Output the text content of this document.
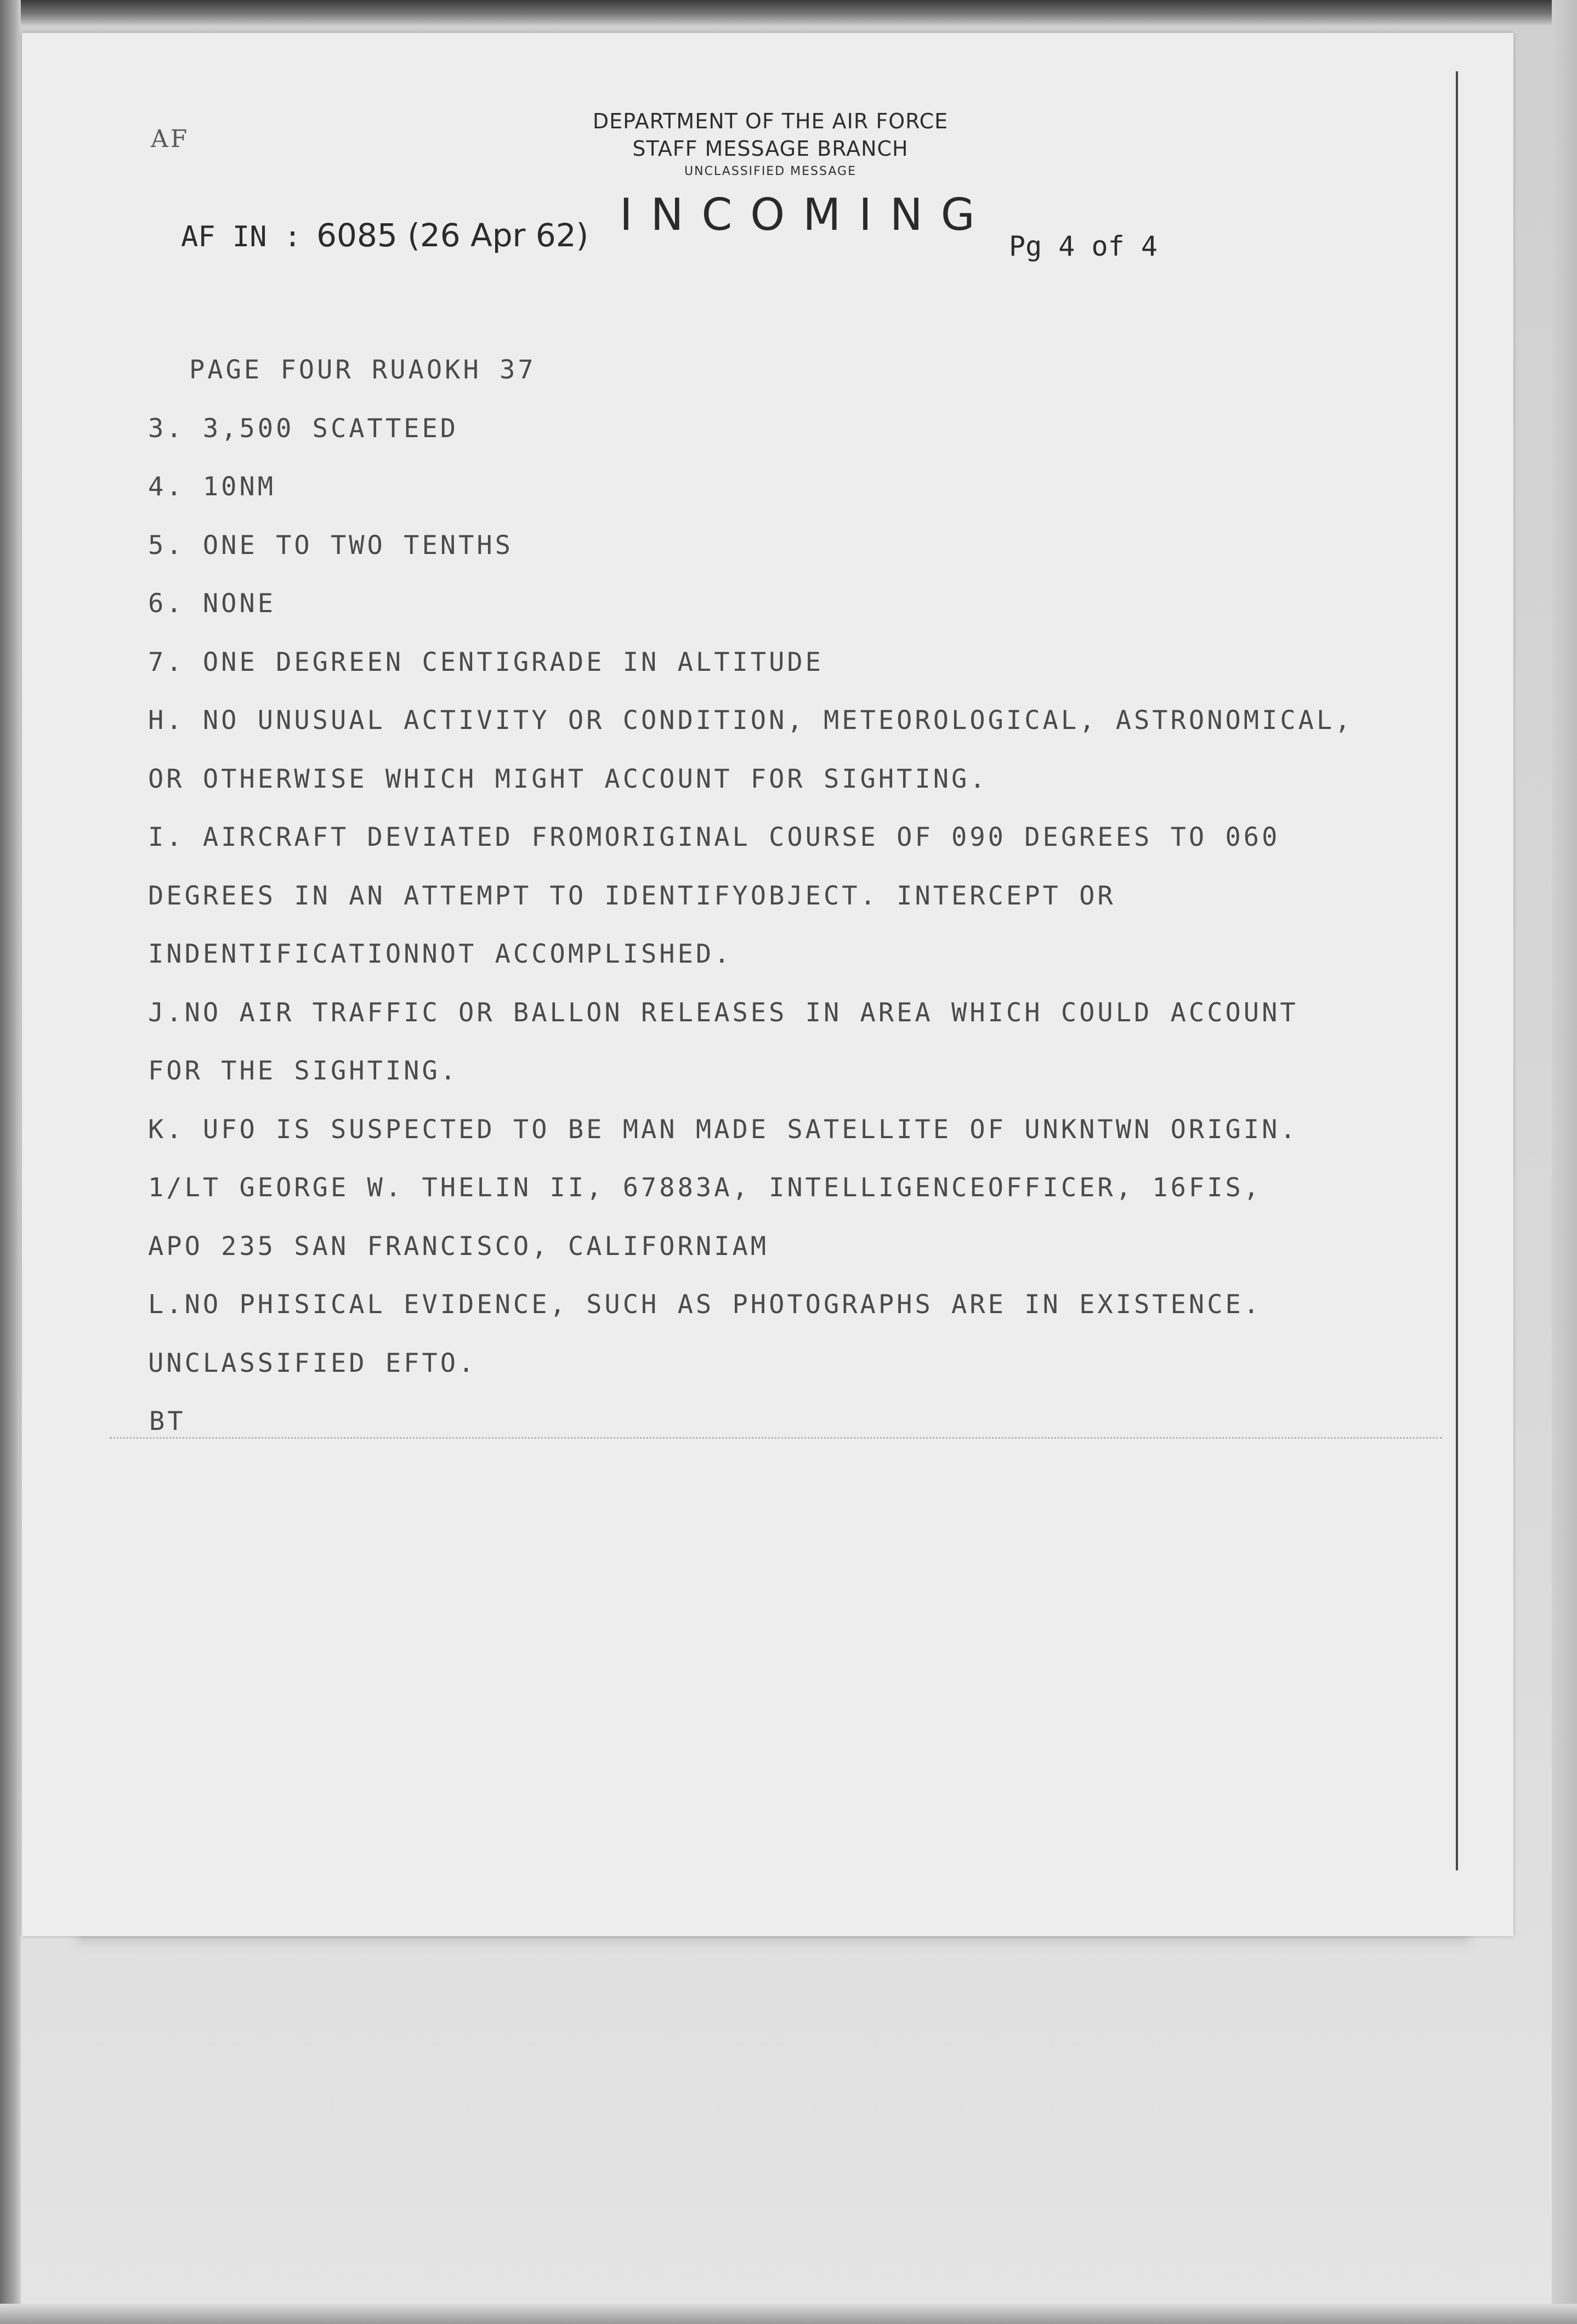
AF
DEPARTMENT OF THE AIR FORCE
STAFF MESSAGE BRANCH
UNCLASSIFIED MESSAGE
INCOMING
AF IN : 6085 (26 Apr 62)	Pg 4 of 4
PAGE FOUR RUAOKH 37
3. 3,500 SCATTEED
4. 10NM
5. ONE TO TWO TENTHS
6. NONE
7. ONE DEGREEN CENTIGRADE IN ALTITUDE
H. NO UNUSUAL ACTIVITY OR CONDITION, METEOROLOGICAL, ASTRONOMICAL,
OR OTHERWISE WHICH MIGHT ACCOUNT FOR SIGHTING.
I. AIRCRAFT DEVIATED FROMORIGINAL COURSE OF 090 DEGREES TO 060
DEGREES IN AN ATTEMPT TO IDENTIFYOBJECT. INTERCEPT OR
INDENTIFICATIONNOT ACCOMPLISHED.
J.NO AIR TRAFFIC OR BALLON RELEASES IN AREA WHICH COULD ACCOUNT
FOR THE SIGHTING.
K. UFO IS SUSPECTED TO BE MAN MADE SATELLITE OF UNKNTWN ORIGIN.
1/LT GEORGE W. THELIN II, 67883A, INTELLIGENCEOFFICER, 16FIS,
APO 235 SAN FRANCISCO, CALIFORNIAM
L.NO PHISICAL EVIDENCE, SUCH AS PHOTOGRAPHS ARE IN EXISTENCE.
UNCLASSIFIED EFTO.
BT
